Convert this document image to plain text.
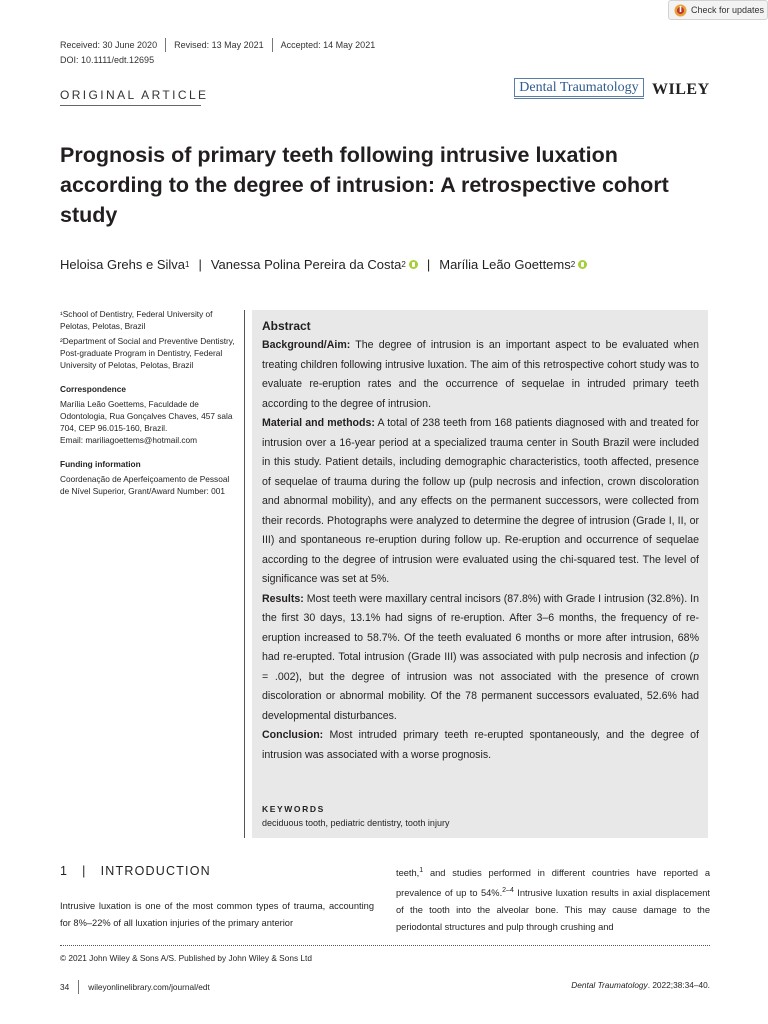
Check for updates
Received: 30 June 2020 Revised: 13 May 2021 Accepted: 14 May 2021
DOI: 10.1111/edt.12695
ORIGINAL ARTICLE	Dental Traumatology WILEY
Prognosis of primary teeth following intrusive luxation according to the degree of intrusion: A retrospective cohort study
Heloisa Grehs e Silva 1 | Vanessa Polina Pereira da Costa 2 | Marília Leão Goettems 2

¹School of Dentistry, Federal University of Pelotas, Pelotas, Brazil

²Department of Social and Preventive Dentistry, Post-graduate Program in Dentistry, Federal University of Pelotas, Pelotas, Brazil

Correspondence

Marília Leão Goettems, Faculdade de Odontologia, Rua Gonçalves Chaves, 457 sala 704, CEP 96.015-160, Brazil.

Email: mariliagoettems@hotmail.com

Funding information

Coordenação de Aperfeiçoamento de Pessoal de Nível Superior, Grant/Award Number: 001

Abstract

Background/Aim: The degree of intrusion is an important aspect to be evaluated when treating children following intrusive luxation. The aim of this retrospective cohort study was to evaluate re-eruption rates and the occurrence of sequelae in intruded primary teeth according to the degree of intrusion.

Material and methods: A total of 238 teeth from 168 patients diagnosed with and treated for intrusion over a 16-year period at a specialized trauma center in South Brazil were included in this study. Patient details, including demographic characteristics, tooth affected, presence of sequelae of trauma during the follow up (pulp necrosis and infection, crown discoloration and abnormal mobility), and any effects on the permanent successors, were collected from their records. Photographs were analyzed to determine the degree of intrusion (Grade I, II, or III) and spontaneous re-eruption during follow up. Re-eruption and occurrence of sequelae according to the degree of intrusion were evaluated using the chi-squared test. The level of significance was set at 5%.

Results: Most teeth were maxillary central incisors (87.8%) with Grade I intrusion (32.8%). In the first 30 days, 13.1% had signs of re-eruption. After 3–6 months, the frequency of re-eruption increased to 58.7%. Of the teeth evaluated 6 months or more after intrusion, 68% had re-erupted. Total intrusion (Grade III) was associated with pulp necrosis and infection (p = .002), but the degree of intrusion was not associated with the presence of crown discoloration or abnormal mobility. Of the 78 permanent successors evaluated, 52.6% had developmental disturbances.

Conclusion: Most intruded primary teeth re-erupted spontaneously, and the degree of intrusion was associated with a worse prognosis.

KEYWORDS
deciduous tooth, pediatric dentistry, tooth injury
1   |   INTRODUCTION

Intrusive luxation is one of the most common types of trauma, accounting for 8%–22% of all luxation injuries of the primary anterior

teeth,$^1$ and studies performed in different countries have reported a prevalence of up to 54%.$^{2-4}$ Intrusive luxation results in axial displacement of the tooth into the alveolar bone. This may cause damage to the periodontal structures and pulp through crushing and

© 2021 John Wiley & Sons A/S. Published by John Wiley & Sons Ltd
34 wileyonlinelibrary.com/journal/edt	Dental Traumatology. 2022;38:34–40.
